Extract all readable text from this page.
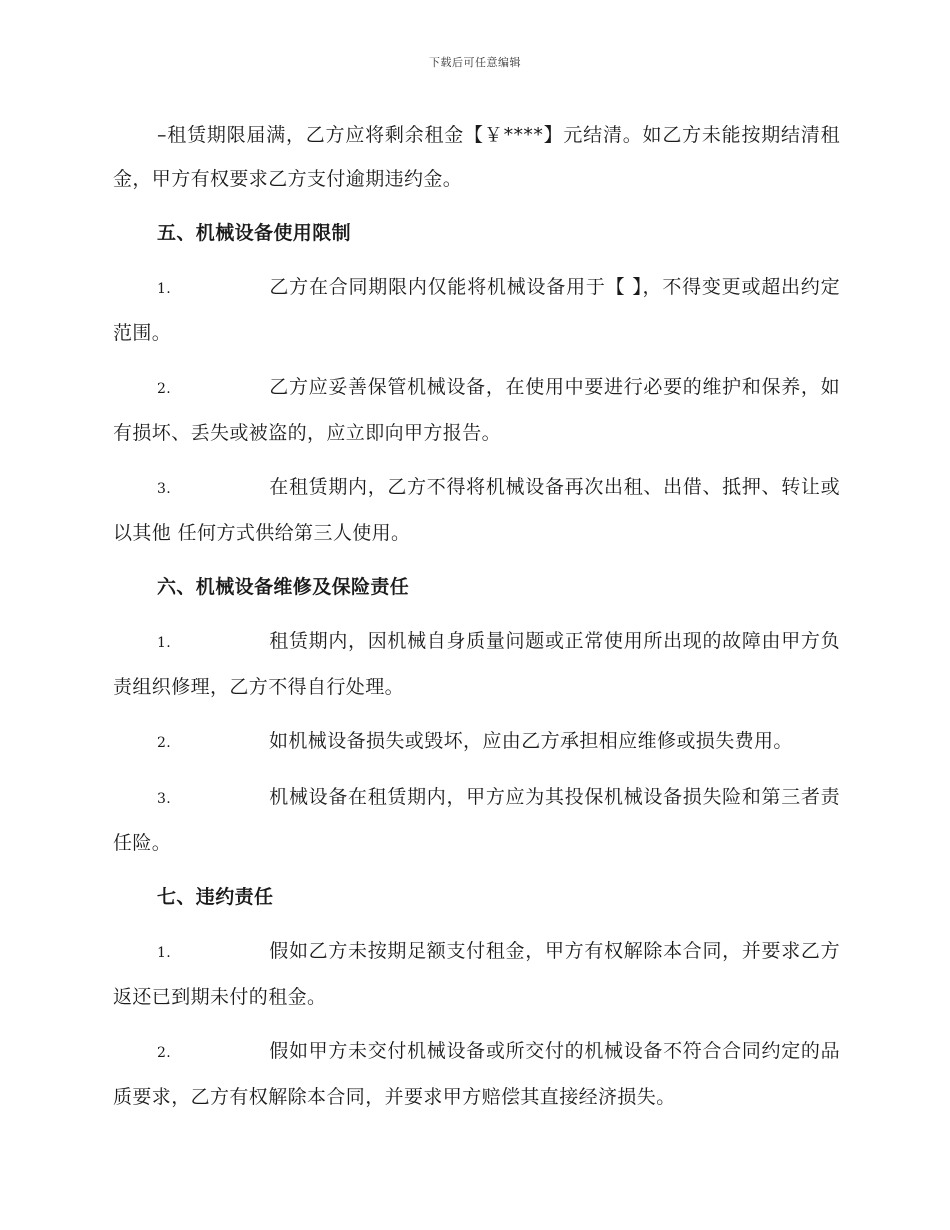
下载后可任意编辑

–租赁期限届满，乙方应将剩余租金【￥****】元结清。如乙方未能按期结清租金，甲方有权要求乙方支付逾期违约金。

五、机械设备使用限制

1.	乙方在合同期限内仅能将机械设备用于【 】，不得变更或超出约定范围。

2.	乙方应妥善保管机械设备，在使用中要进行必要的维护和保养，如有损坏、丢失或被盗的，应立即向甲方报告。

3.	在租赁期内，乙方不得将机械设备再次出租、出借、抵押、转让或以其他 任何方式供给第三人使用。

六、机械设备维修及保险责任

1.	租赁期内，因机械自身质量问题或正常使用所出现的故障由甲方负责组织修理，乙方不得自行处理。

2.	如机械设备损失或毁坏，应由乙方承担相应维修或损失费用。

3.	机械设备在租赁期内，甲方应为其投保机械设备损失险和第三者责任险。

七、违约责任

1.	假如乙方未按期足额支付租金，甲方有权解除本合同，并要求乙方返还已到期未付的租金。

2.	假如甲方未交付机械设备或所交付的机械设备不符合合同约定的品质要求，乙方有权解除本合同，并要求甲方赔偿其直接经济损失。
